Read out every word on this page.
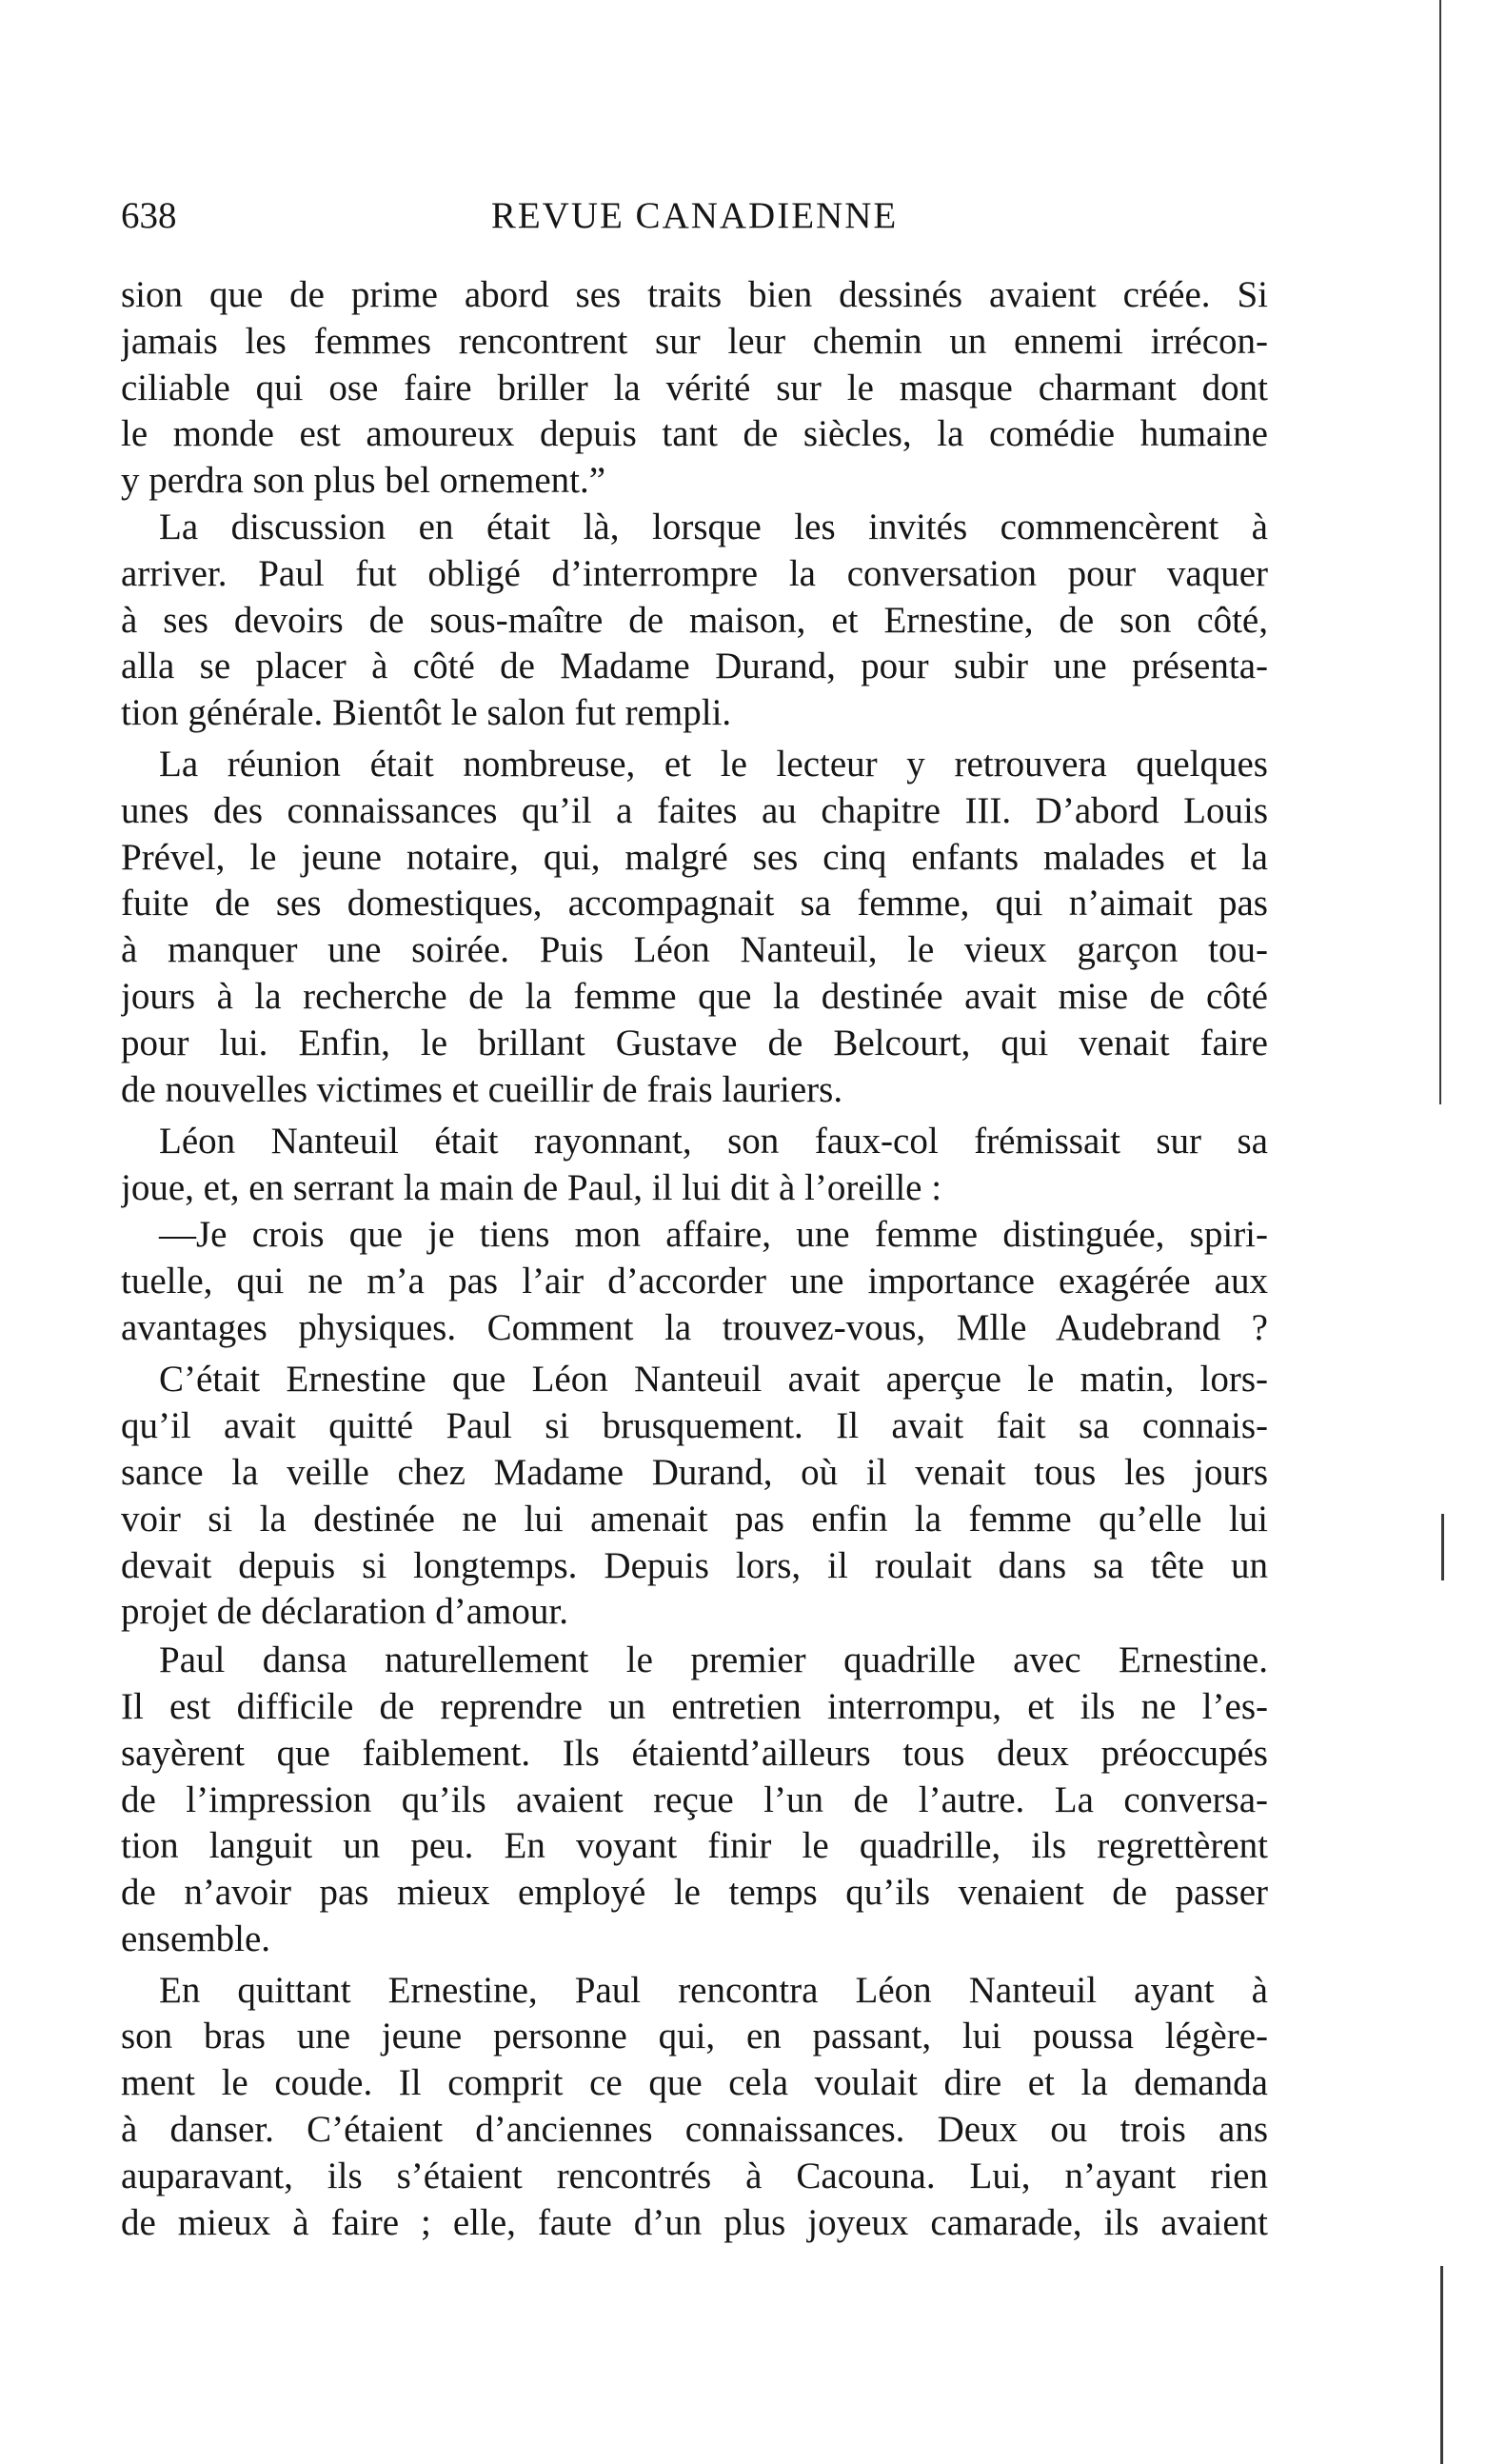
638	REVUE CANADIENNE
sion que de prime abord ses traits bien dessinés avaient créée. Si
jamais les femmes rencontrent sur leur chemin un ennemi irrécon-
ciliable qui ose faire briller la vérité sur le masque charmant dont
le monde est amoureux depuis tant de siècles, la comédie humaine
y perdra son plus bel ornement.”
La discussion en était là, lorsque les invités commencèrent à
arriver. Paul fut obligé d’interrompre la conversation pour vaquer
à ses devoirs de sous-maître de maison, et Ernestine, de son côté,
alla se placer à côté de Madame Durand, pour subir une présenta-
tion générale. Bientôt le salon fut rempli.
La réunion était nombreuse, et le lecteur y retrouvera quelques
unes des connaissances qu’il a faites au chapitre III. D’abord Louis
Prével, le jeune notaire, qui, malgré ses cinq enfants malades et la
fuite de ses domestiques, accompagnait sa femme, qui n’aimait pas
à manquer une soirée. Puis Léon Nanteuil, le vieux garçon tou-
jours à la recherche de la femme que la destinée avait mise de côté
pour lui. Enfin, le brillant Gustave de Belcourt, qui venait faire
de nouvelles victimes et cueillir de frais lauriers.
Léon Nanteuil était rayonnant, son faux-col frémissait sur sa
joue, et, en serrant la main de Paul, il lui dit à l’oreille :
—Je crois que je tiens mon affaire, une femme distinguée, spiri-
tuelle, qui ne m’a pas l’air d’accorder une importance exagérée aux
avantages physiques. Comment la trouvez-vous, Mlle Audebrand ?
C’était Ernestine que Léon Nanteuil avait aperçue le matin, lors-
qu’il avait quitté Paul si brusquement. Il avait fait sa connais-
sance la veille chez Madame Durand, où il venait tous les jours
voir si la destinée ne lui amenait pas enfin la femme qu’elle lui
devait depuis si longtemps. Depuis lors, il roulait dans sa tête un
projet de déclaration d’amour.
Paul dansa naturellement le premier quadrille avec Ernestine.
Il est difficile de reprendre un entretien interrompu, et ils ne l’es-
sayèrent que faiblement. Ils étaientd’ailleurs tous deux préoccupés
de l’impression qu’ils avaient reçue l’un de l’autre. La conversa-
tion languit un peu. En voyant finir le quadrille, ils regrettèrent
de n’avoir pas mieux employé le temps qu’ils venaient de passer
ensemble.
En quittant Ernestine, Paul rencontra Léon Nanteuil ayant à
son bras une jeune personne qui, en passant, lui poussa légère-
ment le coude. Il comprit ce que cela voulait dire et la demanda
à danser. C’étaient d’anciennes connaissances. Deux ou trois ans
auparavant, ils s’étaient rencontrés à Cacouna. Lui, n’ayant rien
de mieux à faire ; elle, faute d’un plus joyeux camarade, ils avaient
